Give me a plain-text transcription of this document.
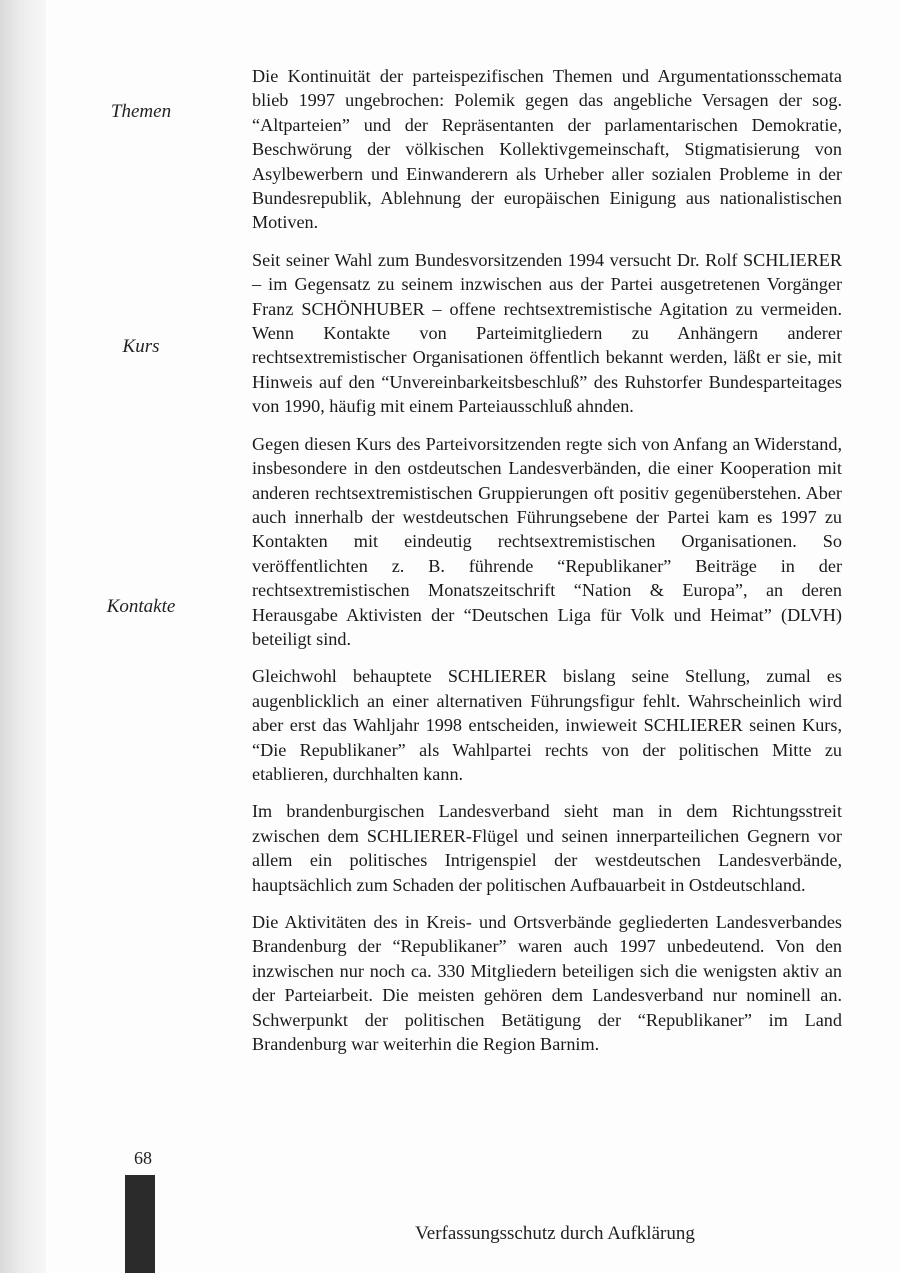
Themen
Kurs
Kontakte

Die Kontinuität der parteispezifischen Themen und Argumentationsschemata blieb 1997 ungebrochen: Polemik gegen das angebliche Versagen der sog. “Altparteien” und der Repräsentanten der parlamentarischen Demokratie, Beschwörung der völkischen Kollektivgemeinschaft, Stigmatisierung von Asylbewerbern und Einwanderern als Urheber aller sozialen Probleme in der Bundesrepublik, Ablehnung der europäischen Einigung aus nationalistischen Motiven.

Seit seiner Wahl zum Bundesvorsitzenden 1994 versucht Dr. Rolf SCHLIERER – im Gegensatz zu seinem inzwischen aus der Partei ausgetretenen Vorgänger Franz SCHÖNHUBER – offene rechtsextremistische Agitation zu vermeiden. Wenn Kontakte von Parteimitgliedern zu Anhängern anderer rechtsextremistischer Organisationen öffentlich bekannt werden, läßt er sie, mit Hinweis auf den “Unvereinbarkeitsbeschluß” des Ruhstorfer Bundesparteitages von 1990, häufig mit einem Parteiausschluß ahnden.

Gegen diesen Kurs des Parteivorsitzenden regte sich von Anfang an Widerstand, insbesondere in den ostdeutschen Landesverbänden, die einer Kooperation mit anderen rechtsextremistischen Gruppierungen oft positiv gegenüberstehen. Aber auch innerhalb der westdeutschen Führungsebene der Partei kam es 1997 zu Kontakten mit eindeutig rechtsextremistischen Organisationen. So veröffentlichten z. B. führende “Republikaner” Beiträge in der rechtsextremistischen Monatszeitschrift “Nation & Europa”, an deren Herausgabe Aktivisten der “Deutschen Liga für Volk und Heimat” (DLVH) beteiligt sind.

Gleichwohl behauptete SCHLIERER bislang seine Stellung, zumal es augenblicklich an einer alternativen Führungsfigur fehlt. Wahrscheinlich wird aber erst das Wahljahr 1998 entscheiden, inwieweit SCHLIERER seinen Kurs, “Die Republikaner” als Wahlpartei rechts von der politischen Mitte zu etablieren, durchhalten kann.

Im brandenburgischen Landesverband sieht man in dem Richtungsstreit zwischen dem SCHLIERER-Flügel und seinen innerparteilichen Gegnern vor allem ein politisches Intrigenspiel der westdeutschen Landesverbände, hauptsächlich zum Schaden der politischen Aufbauarbeit in Ostdeutschland.

Die Aktivitäten des in Kreis- und Ortsverbände gegliederten Landesverbandes Brandenburg der “Republikaner” waren auch 1997 unbedeutend. Von den inzwischen nur noch ca. 330 Mitgliedern beteiligen sich die wenigsten aktiv an der Parteiarbeit. Die meisten gehören dem Landesverband nur nominell an. Schwerpunkt der politischen Betätigung der “Republikaner” im Land Brandenburg war weiterhin die Region Barnim.

68
Verfassungsschutz durch Aufklärung
